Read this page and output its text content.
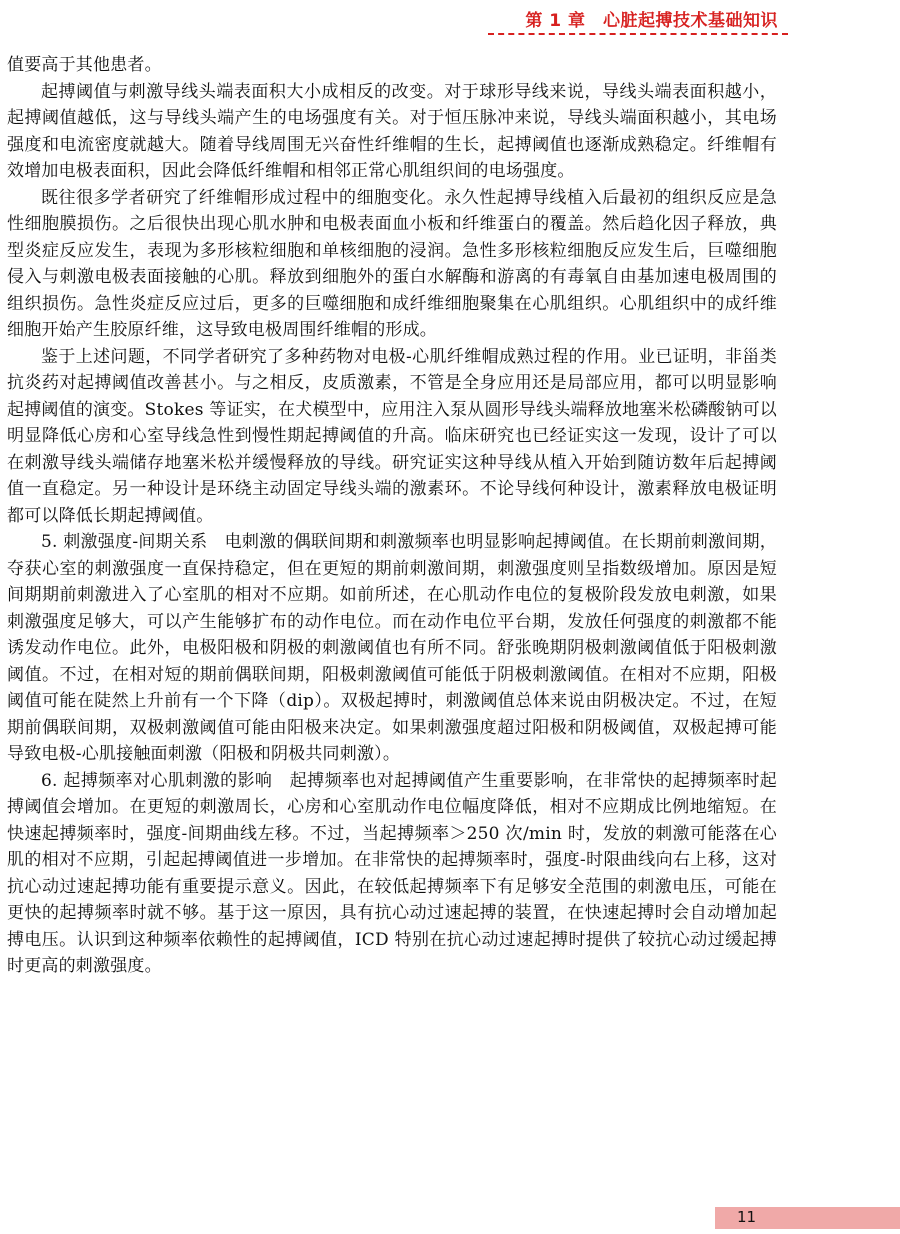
第 1 章　心脏起搏技术基础知识

值要高于其他患者。

起搏阈值与刺激导线头端表面积大小成相反的改变。对于球形导线来说，导线头端表面积越小，起搏阈值越低，这与导线头端产生的电场强度有关。对于恒压脉冲来说，导线头端面积越小，其电场强度和电流密度就越大。随着导线周围无兴奋性纤维帽的生长，起搏阈值也逐渐成熟稳定。纤维帽有效增加电极表面积，因此会降低纤维帽和相邻正常心肌组织间的电场强度。

既往很多学者研究了纤维帽形成过程中的细胞变化。永久性起搏导线植入后最初的组织反应是急性细胞膜损伤。之后很快出现心肌水肿和电极表面血小板和纤维蛋白的覆盖。然后趋化因子释放，典型炎症反应发生，表现为多形核粒细胞和单核细胞的浸润。急性多形核粒细胞反应发生后，巨噬细胞侵入与刺激电极表面接触的心肌。释放到细胞外的蛋白水解酶和游离的有毒氧自由基加速电极周围的组织损伤。急性炎症反应过后，更多的巨噬细胞和成纤维细胞聚集在心肌组织。心肌组织中的成纤维细胞开始产生胶原纤维，这导致电极周围纤维帽的形成。

鉴于上述问题，不同学者研究了多种药物对电极-心肌纤维帽成熟过程的作用。业已证明，非甾类抗炎药对起搏阈值改善甚小。与之相反，皮质激素，不管是全身应用还是局部应用，都可以明显影响起搏阈值的演变。Stokes 等证实，在犬模型中，应用注入泵从圆形导线头端释放地塞米松磷酸钠可以明显降低心房和心室导线急性到慢性期起搏阈值的升高。临床研究也已经证实这一发现，设计了可以在刺激导线头端储存地塞米松并缓慢释放的导线。研究证实这种导线从植入开始到随访数年后起搏阈值一直稳定。另一种设计是环绕主动固定导线头端的激素环。不论导线何种设计，激素释放电极证明都可以降低长期起搏阈值。

5. 刺激强度-间期关系　电刺激的偶联间期和刺激频率也明显影响起搏阈值。在长期前刺激间期，夺获心室的刺激强度一直保持稳定，但在更短的期前刺激间期，刺激强度则呈指数级增加。原因是短间期期前刺激进入了心室肌的相对不应期。如前所述，在心肌动作电位的复极阶段发放电刺激，如果刺激强度足够大，可以产生能够扩布的动作电位。而在动作电位平台期，发放任何强度的刺激都不能诱发动作电位。此外，电极阳极和阴极的刺激阈值也有所不同。舒张晚期阴极刺激阈值低于阳极刺激阈值。不过，在相对短的期前偶联间期，阳极刺激阈值可能低于阴极刺激阈值。在相对不应期，阳极阈值可能在陡然上升前有一个下降（dip）。双极起搏时，刺激阈值总体来说由阴极决定。不过，在短期前偶联间期，双极刺激阈值可能由阳极来决定。如果刺激强度超过阳极和阴极阈值，双极起搏可能导致电极-心肌接触面刺激（阳极和阴极共同刺激）。

6. 起搏频率对心肌刺激的影响　起搏频率也对起搏阈值产生重要影响，在非常快的起搏频率时起搏阈值会增加。在更短的刺激周长，心房和心室肌动作电位幅度降低，相对不应期成比例地缩短。在快速起搏频率时，强度-间期曲线左移。不过，当起搏频率＞250 次/min 时，发放的刺激可能落在心肌的相对不应期，引起起搏阈值进一步增加。在非常快的起搏频率时，强度-时限曲线向右上移，这对抗心动过速起搏功能有重要提示意义。因此，在较低起搏频率下有足够安全范围的刺激电压，可能在更快的起搏频率时就不够。基于这一原因，具有抗心动过速起搏的装置，在快速起搏时会自动增加起搏电压。认识到这种频率依赖性的起搏阈值，ICD 特别在抗心动过速起搏时提供了较抗心动过缓起搏时更高的刺激强度。

11
